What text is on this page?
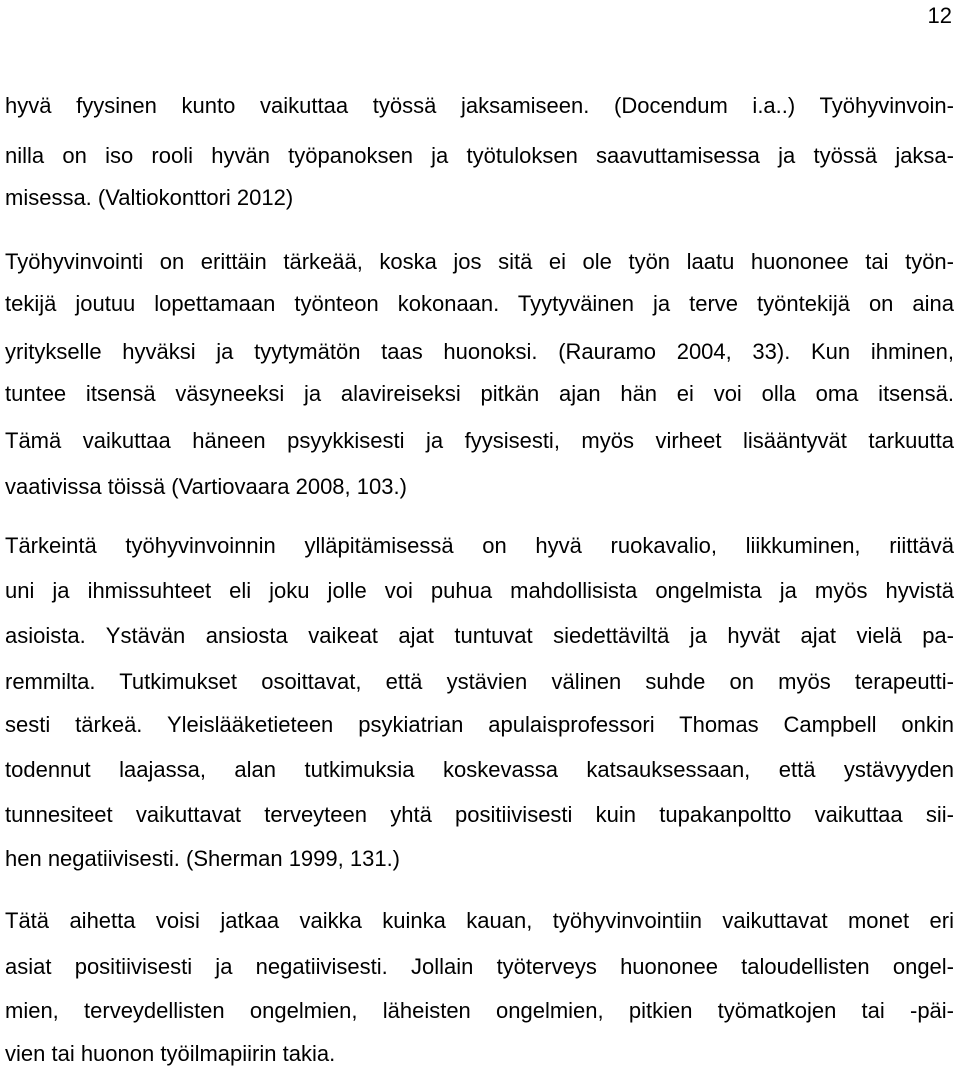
12
hyvä fyysinen kunto vaikuttaa työssä jaksamiseen. (Docendum i.a..) Työhyvinvoin-
nilla on iso rooli hyvän työpanoksen ja työtuloksen saavuttamisessa ja työssä jaksa-
misessa. (Valtiokonttori 2012)
Työhyvinvointi on erittäin tärkeää, koska jos sitä ei ole työn laatu huononee tai työn-
tekijä joutuu lopettamaan työnteon kokonaan. Tyytyväinen ja terve työntekijä on aina
yritykselle hyväksi ja tyytymätön taas huonoksi. (Rauramo 2004, 33). Kun ihminen,
tuntee itsensä väsyneeksi ja alavireiseksi pitkän ajan hän ei voi olla oma itsensä.
Tämä vaikuttaa häneen psyykkisesti ja fyysisesti, myös virheet lisääntyvät tarkuutta
vaativissa töissä (Vartiovaara 2008, 103.)
Tärkeintä työhyvinvoinnin ylläpitämisessä on hyvä ruokavalio, liikkuminen, riittävä
uni ja ihmissuhteet eli joku jolle voi puhua mahdollisista ongelmista ja myös hyvistä
asioista. Ystävän ansiosta vaikeat ajat tuntuvat siedettäviltä ja hyvät ajat vielä pa-
remmilta. Tutkimukset osoittavat, että ystävien välinen suhde on myös terapeutti-
sesti tärkeä. Yleislääketieteen psykiatrian apulaisprofessori Thomas Campbell onkin
todennut laajassa, alan tutkimuksia koskevassa katsauksessaan, että ystävyyden
tunnesiteet vaikuttavat terveyteen yhtä positiivisesti kuin tupakanpoltto vaikuttaa sii-
hen negatiivisesti. (Sherman 1999, 131.)
Tätä aihetta voisi jatkaa vaikka kuinka kauan, työhyvinvointiin vaikuttavat monet eri
asiat positiivisesti ja negatiivisesti. Jollain työterveys huononee taloudellisten ongel-
mien, terveydellisten ongelmien, läheisten ongelmien, pitkien työmatkojen tai -päi-
vien tai huonon työilmapiirin takia.
